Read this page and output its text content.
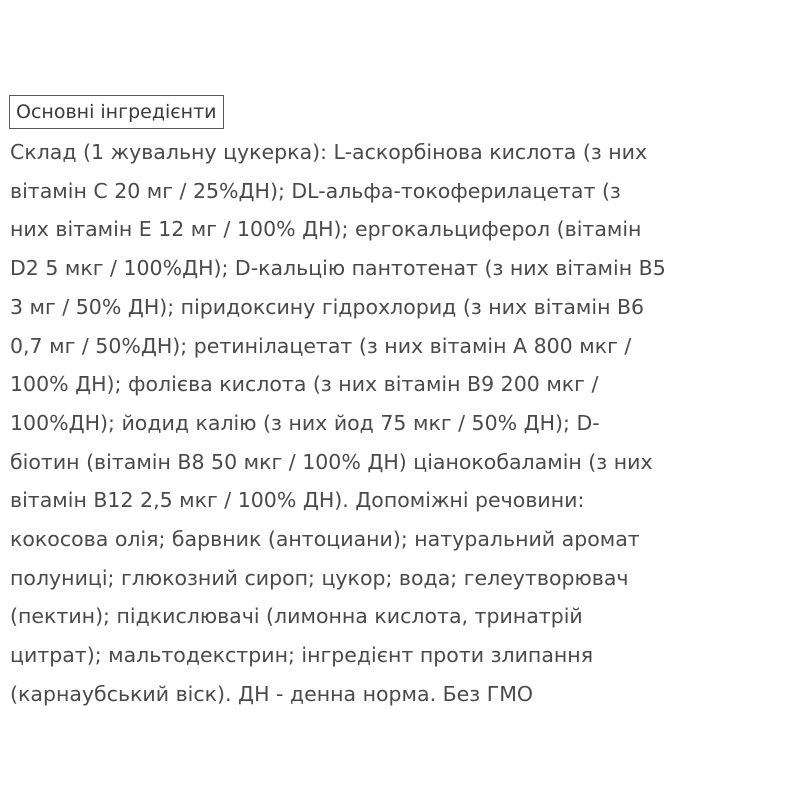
Основні інгредієнти
Склад (1 жувальну цукерка): L-аскорбінова кислота (з них
вітамін С 20 мг / 25%ДН); DL-альфа-токоферилацетат (з
них вітамін Е 12 мг / 100% ДН); ергокальциферол (вітамін
D2 5 мкг / 100%ДН); D-кальцію пантотенат (з них вітамін В5
3 мг / 50% ДН); піридоксину гідрохлорид (з них вітамін В6
0,7 мг / 50%ДН); ретинілацетат (з них вітамін А 800 мкг /
100% ДН); фолієва кислота (з них вітамін В9 200 мкг /
100%ДН); йодид калію (з них йод 75 мкг / 50% ДН); D-
біотин (вітамін В8 50 мкг / 100% ДН) ціанокобаламін (з них
вітамін В12 2,5 мкг / 100% ДН). Допоміжні речовини:
кокосова олія; барвник (антоциани); натуральний аромат
полуниці; глюкозний сироп; цукор; вода; гелеутворювач
(пектин); підкислювачі (лимонна кислота, тринатрій
цитрат); мальтодекстрин; інгредієнт проти злипання
(карнаубський віск). ДН - денна норма. Без ГМО
